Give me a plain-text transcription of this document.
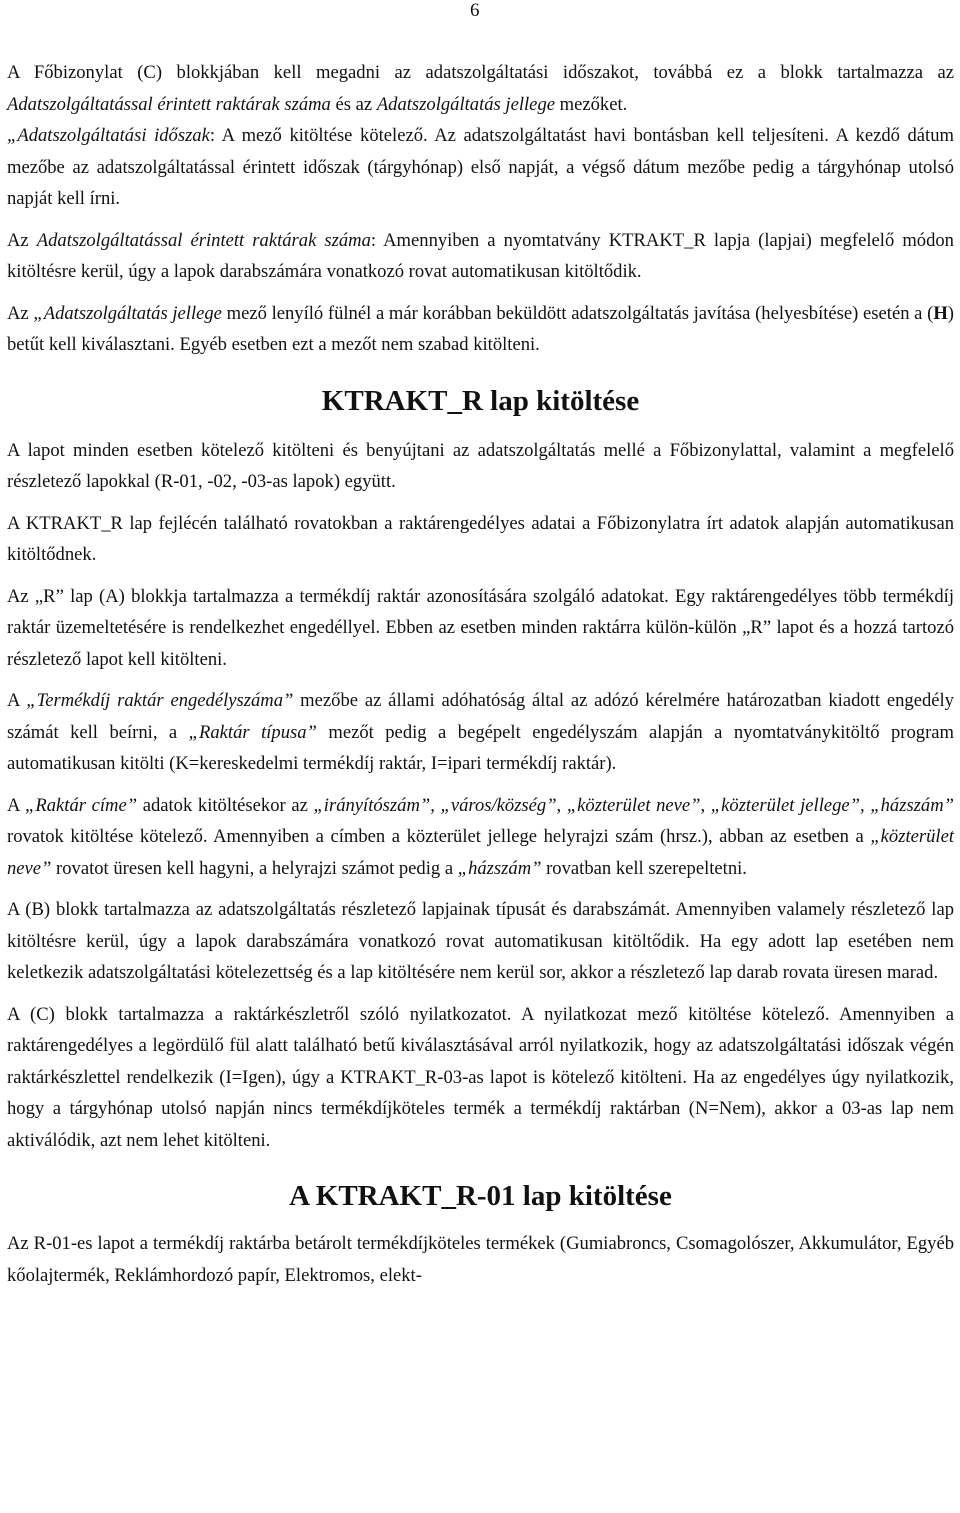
6

A Főbizonylat (C) blokkjában kell megadni az adatszolgáltatási időszakot, továbbá ez a blokk tartalmazza az Adatszolgáltatással érintett raktárak száma és az Adatszolgáltatás jellege mezőket.

„Adatszolgáltatási időszak: A mező kitöltése kötelező. Az adatszolgáltatást havi bontásban kell teljesíteni. A kezdő dátum mezőbe az adatszolgáltatással érintett időszak (tárgyhónap) első napját, a végső dátum mezőbe pedig a tárgyhónap utolsó napját kell írni.

Az Adatszolgáltatással érintett raktárak száma: Amennyiben a nyomtatvány KTRAKT_R lapja (lapjai) megfelelő módon kitöltésre kerül, úgy a lapok darabszámára vonatkozó rovat automatikusan kitöltődik.

Az „Adatszolgáltatás jellege mező lenyíló fülnél a már korábban beküldött adatszolgáltatás javítása (helyesbítése) esetén a (H) betűt kell kiválasztani. Egyéb esetben ezt a mezőt nem szabad kitölteni.

KTRAKT_R lap kitöltése

A lapot minden esetben kötelező kitölteni és benyújtani az adatszolgáltatás mellé a Főbizonylattal, valamint a megfelelő részletező lapokkal (R-01, -02, -03-as lapok) együtt.

A KTRAKT_R lap fejlécén található rovatokban a raktárengedélyes adatai a Főbizonylatra írt adatok alapján automatikusan kitöltődnek.

Az „R” lap (A) blokkja tartalmazza a termékdíj raktár azonosítására szolgáló adatokat. Egy raktárengedélyes több termékdíj raktár üzemeltetésére is rendelkezhet engedéllyel. Ebben az esetben minden raktárra külön-külön „R” lapot és a hozzá tartozó részletező lapot kell kitölteni.

A „Termékdíj raktár engedélyszáma” mezőbe az állami adóhatóság által az adózó kérelmére határozatban kiadott engedély számát kell beírni, a „Raktár típusa” mezőt pedig a begépelt engedélyszám alapján a nyomtatványkitöltő program automatikusan kitölti (K=kereskedelmi termékdíj raktár, I=ipari termékdíj raktár).

A „Raktár címe” adatok kitöltésekor az „irányítószám”, „város/község”, „közterület neve”, „közterület jellege”, „házszám” rovatok kitöltése kötelező. Amennyiben a címben a közterület jellege helyrajzi szám (hrsz.), abban az esetben a „közterület neve” rovatot üresen kell hagyni, a helyrajzi számot pedig a „házszám” rovatban kell szerepeltetni.

A (B) blokk tartalmazza az adatszolgáltatás részletező lapjainak típusát és darabszámát. Amennyiben valamely részletező lap kitöltésre kerül, úgy a lapok darabszámára vonatkozó rovat automatikusan kitöltődik. Ha egy adott lap esetében nem keletkezik adatszolgáltatási kötelezettség és a lap kitöltésére nem kerül sor, akkor a részletező lap darab rovata üresen marad.

A (C) blokk tartalmazza a raktárkészletről szóló nyilatkozatot. A nyilatkozat mező kitöltése kötelező. Amennyiben a raktárengedélyes a legördülő fül alatt található betű kiválasztásával arról nyilatkozik, hogy az adatszolgáltatási időszak végén raktárkészlettel rendelkezik (I=Igen), úgy a KTRAKT_R-03-as lapot is kötelező kitölteni. Ha az engedélyes úgy nyilatkozik, hogy a tárgyhónap utolsó napján nincs termékdíjköteles termék a termékdíj raktárban (N=Nem), akkor a 03-as lap nem aktiválódik, azt nem lehet kitölteni.

A KTRAKT_R-01 lap kitöltése

Az R-01-es lapot a termékdíj raktárba betárolt termékdíjköteles termékek (Gumiabroncs, Csomagolószer, Akkumulátor, Egyéb kőolajtermék, Reklámhordozó papír, Elektromos, elekt-
